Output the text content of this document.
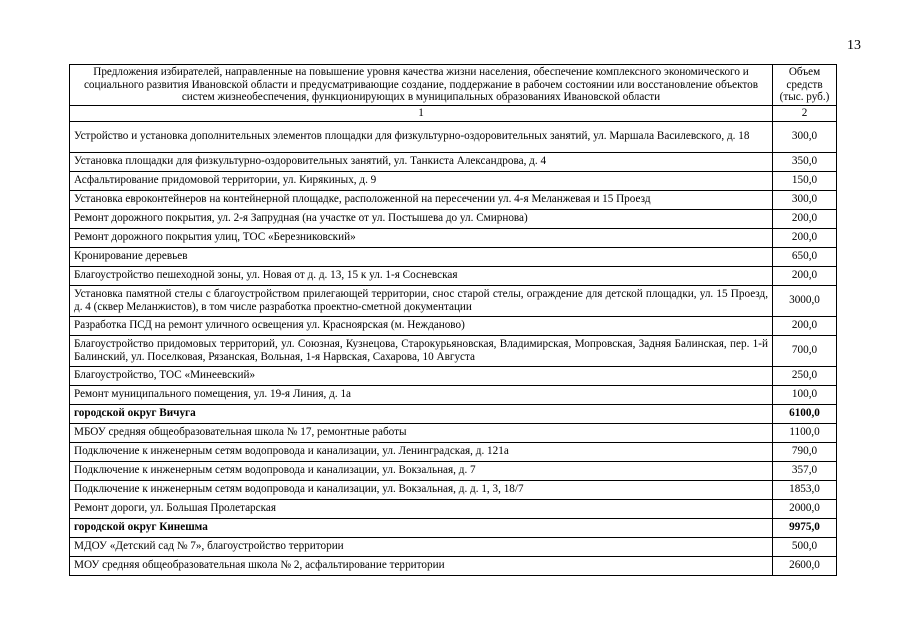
13
Предложения избирателей, направленные на повышение уровня качества жизни населения, обеспечение комплексного экономического и социального развития Ивановской области и предусматривающие создание, поддержание в рабочем состоянии или восстановление объектов систем жизнеобеспечения, функционирующих в муниципальных образованиях Ивановской области	Объем средств (тыс. руб.)
1	2
Устройство и установка дополнительных элементов площадки для физкультурно-оздоровительных занятий, ул. Маршала Василевского, д. 18	300,0
Установка площадки для физкультурно-оздоровительных занятий, ул. Танкиста Александрова, д. 4	350,0
Асфальтирование придомовой территории, ул. Кирякиных, д. 9	150,0
Установка евроконтейнеров на контейнерной площадке, расположенной на пересечении ул. 4-я Меланжевая и 15 Проезд	300,0
Ремонт дорожного покрытия, ул. 2-я Запрудная (на участке от ул. Постышева до ул. Смирнова)	200,0
Ремонт дорожного покрытия улиц, ТОС «Березниковский»	200,0
Кронирование деревьев	650,0
Благоустройство пешеходной зоны, ул. Новая от д. д. 13, 15 к ул. 1-я Сосневская	200,0
Установка памятной стелы с благоустройством прилегающей территории, снос старой стелы, ограждение для детской площадки, ул. 15 Проезд, д. 4 (сквер Меланжистов), в том числе разработка проектно-сметной документации	3000,0
Разработка ПСД на ремонт уличного освещения ул. Красноярская (м. Нежданово)	200,0
Благоустройство придомовых территорий, ул. Союзная, Кузнецова, Старокурьяновская, Владимирская, Мопровская, Задняя Балинская, пер. 1-й Балинский, ул. Поселковая, Рязанская, Вольная, 1-я Нарвская, Сахарова, 10 Августа	700,0
Благоустройство, ТОС «Минеевский»	250,0
Ремонт муниципального помещения, ул. 19-я Линия, д. 1а	100,0
городской округ Вичуга	6100,0
МБОУ средняя общеобразовательная школа № 17, ремонтные работы	1100,0
Подключение к инженерным сетям водопровода и канализации, ул. Ленинградская, д. 121а	790,0
Подключение к инженерным сетям водопровода и канализации, ул. Вокзальная, д. 7	357,0
Подключение к инженерным сетям водопровода и канализации, ул. Вокзальная, д. д. 1, 3, 18/7	1853,0
Ремонт дороги, ул. Большая Пролетарская	2000,0
городской округ Кинешма	9975,0
МДОУ «Детский сад № 7», благоустройство территории	500,0
МОУ средняя общеобразовательная школа № 2, асфальтирование территории	2600,0
